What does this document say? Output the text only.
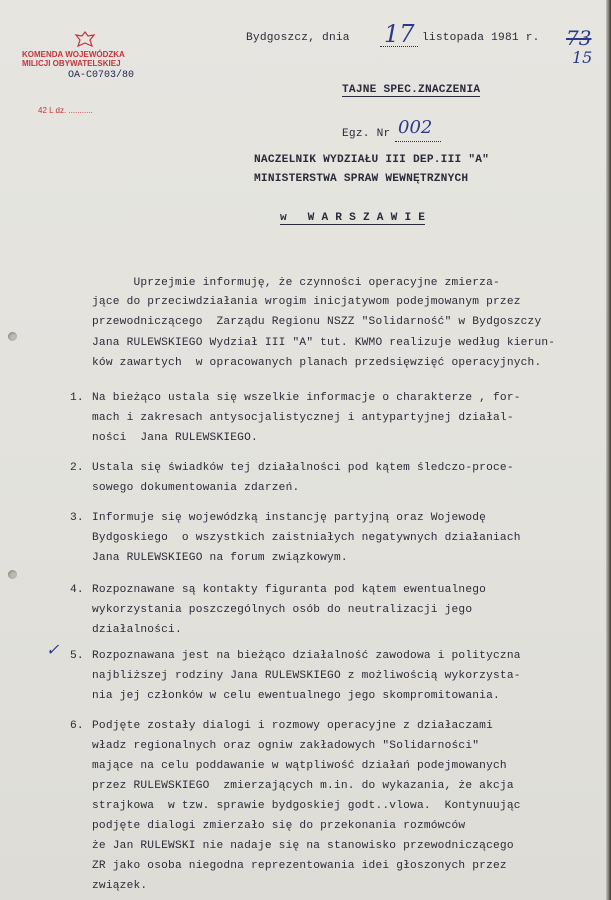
KOMENDA WOJEWÓDZKA
MILICJI OBYWATELSKIEJ
OA-C0703/80
42 L dz. ...........
Bydgoszcz, dnia 17 listopada 1981 r. 73
15
TAJNE SPEC.ZNACZENIA
Egz. Nr 002
NACZELNIK WYDZIAŁU III DEP.III "A"
MINISTERSTWA SPRAW WEWNĘTRZNYCH
w   W A R S Z A W I E
Uprzejmie informuję, że czynności operacyjne zmierza-
jące do przeciwdziałania wrogim inicjatywom podejmowanym przez
przewodniczącego  Zarządu Regionu NSZZ "Solidarność" w Bydgoszczy
Jana RULEWSKIEGO Wydział III "A" tut. KWMO realizuje według kierun-
ków zawartych  w opracowanych planach przedsięwzięć operacyjnych.
1. Na bieżąco ustala się wszelkie informacje o charakterze , for-
mach i zakresach antysocjalistycznej i antypartyjnej działal-
ności  Jana RULEWSKIEGO.
2. Ustala się świadków tej działalności pod kątem śledczo-proce-
sowego dokumentowania zdarzeń.
3. Informuje się wojewódzką instancję partyjną oraz Wojewodę
Bydgoskiego  o wszystkich zaistniałych negatywnych działaniach
Jana RULEWSKIEGO na forum związkowym.
4. Rozpoznawane są kontakty figuranta pod kątem ewentualnego
wykorzystania poszczególnych osób do neutralizacji jego
działalności.
✓ 5. Rozpoznawana jest na bieżąco działalność zawodowa i polityczna
najbliższej rodziny Jana RULEWSKIEGO z możliwością wykorzysta-
nia jej członków w celu ewentualnego jego skompromitowania.
6. Podjęte zostały dialogi i rozmowy operacyjne z działaczami
władz regionalnych oraz ogniw zakładowych "Solidarności"
mające na celu poddawanie w wątpliwość działań podejmowanych
przez RULEWSKIEGO  zmierzających m.in. do wykazania, że akcja
strajkowa  w tzw. sprawie bydgoskiej godt..vlowa.  Kontynuując
podjęte dialogi zmierzało się do przekonania rozmówców
że Jan RULEWSKI nie nadaje się na stanowisko przewodniczącego
ZR jako osoba niegodna reprezentowania idei głoszonych przez
związek.
